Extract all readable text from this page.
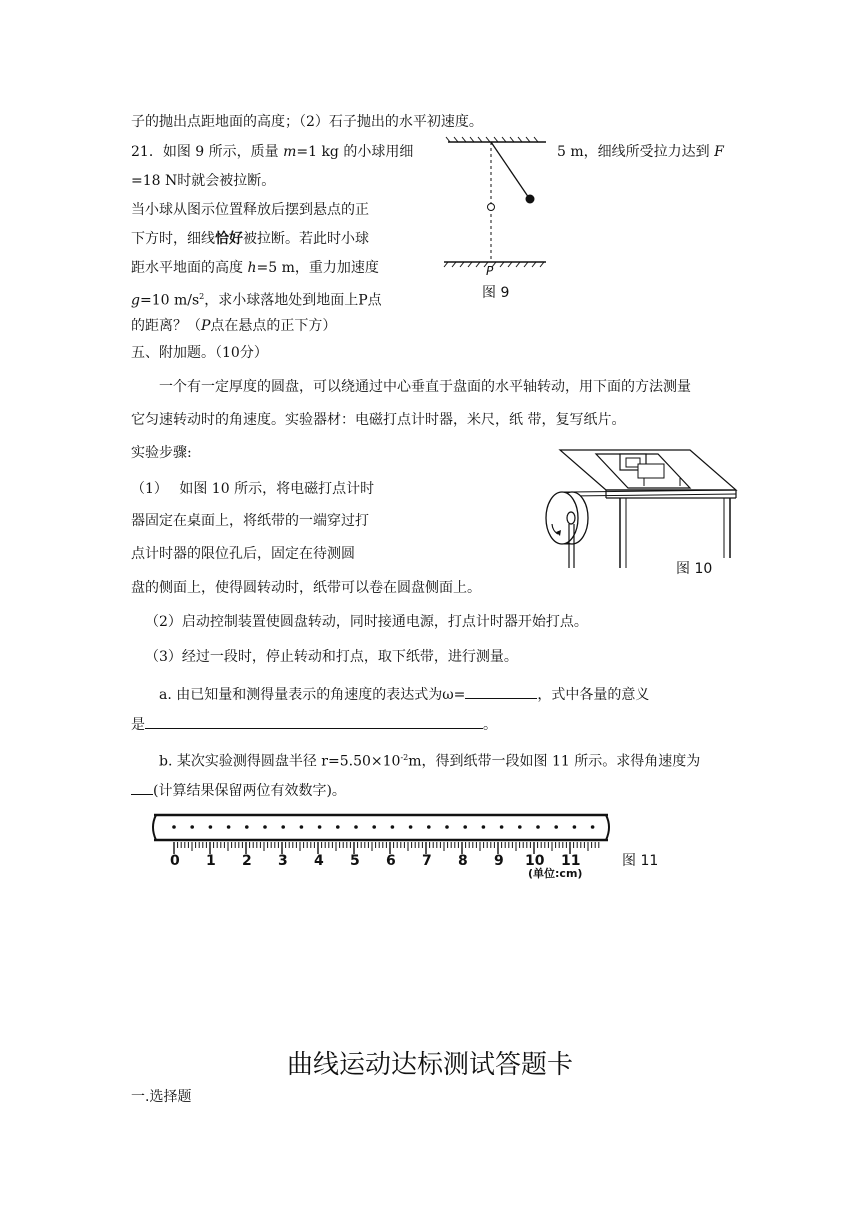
子的抛出点距地面的高度；（2）石子抛出的水平初速度。
21．如图 9 所示，质量 m=1 kg 的小球用细	5 m，细线所受拉力达到 F
=18 N时就会被拉断。
当小球从图示位置释放后摆到悬点的正
下方时，细线恰好被拉断。若此时小球
距水平地面的高度 h=5 m，重力加速度
g=10 $m/s^2$，求小球落地处到地面上P点
的距离？（P点在悬点的正下方）
P
图 9
五、附加题。（10分）
一个有一定厚度的圆盘，可以绕通过中心垂直于盘面的水平轴转动，用下面的方法测量
它匀速转动时的角速度。实验器材：电磁打点计时器，米尺，纸 带，复写纸片。
实验步骤:
（1）　 如图 10 所示，将电磁打点计时
器固定在桌面上，将纸带的一端穿过打
点计时器的限位孔后，固定在待测圆
盘的侧面上，使得圆转动时，纸带可以卷在圆盘侧面上。
图 10
（2）启动控制装置使圆盘转动，同时接通电源，打点计时器开始打点。
（3）经过一段时，停止转动和打点，取下纸带，进行测量。
a. 由已知量和测得量表示的角速度的表达式为ω=	，式中各量的意义
是	。
b. 某次实验测得圆盘半径 $r=5.50\times 10^{-2}m$，得到纸带一段如图 11 所示。求得角速度为
(计算结果保留两位有效数字)。
0 1 2 3 4 5 6 7 8 9 10 11
(单位:cm)
图 11
曲线运动达标测试答题卡
一.选择题
